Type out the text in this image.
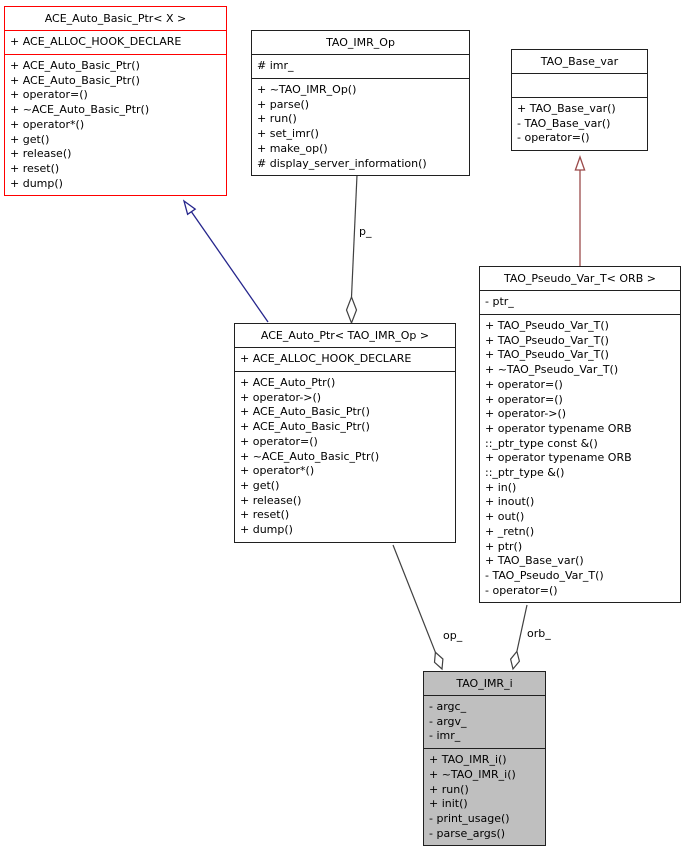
p_
op_	orb_
ACE_Auto_Basic_Ptr< X >
+ ACE_ALLOC_HOOK_DECLARE
+ ACE_Auto_Basic_Ptr()
+ ACE_Auto_Basic_Ptr()
+ operator=()
+ ~ACE_Auto_Basic_Ptr()
+ operator*()
+ get()
+ release()
+ reset()
+ dump()
TAO_IMR_Op
# imr_
+ ~TAO_IMR_Op()
+ parse()
+ run()
+ set_imr()
+ make_op()
# display_server_information()
TAO_Base_var
+ TAO_Base_var()
- TAO_Base_var()
- operator=()
ACE_Auto_Ptr< TAO_IMR_Op >
+ ACE_ALLOC_HOOK_DECLARE
+ ACE_Auto_Ptr()
+ operator->()
+ ACE_Auto_Basic_Ptr()
+ ACE_Auto_Basic_Ptr()
+ operator=()
+ ~ACE_Auto_Basic_Ptr()
+ operator*()
+ get()
+ release()
+ reset()
+ dump()
TAO_Pseudo_Var_T< ORB >
- ptr_
+ TAO_Pseudo_Var_T()
+ TAO_Pseudo_Var_T()
+ TAO_Pseudo_Var_T()
+ ~TAO_Pseudo_Var_T()
+ operator=()
+ operator=()
+ operator->()
+ operator typename ORB
::_ptr_type const &()
+ operator typename ORB
::_ptr_type &()
+ in()
+ inout()
+ out()
+ _retn()
+ ptr()
+ TAO_Base_var()
- TAO_Pseudo_Var_T()
- operator=()
TAO_IMR_i
- argc_
- argv_
- imr_
+ TAO_IMR_i()
+ ~TAO_IMR_i()
+ run()
+ init()
- print_usage()
- parse_args()
